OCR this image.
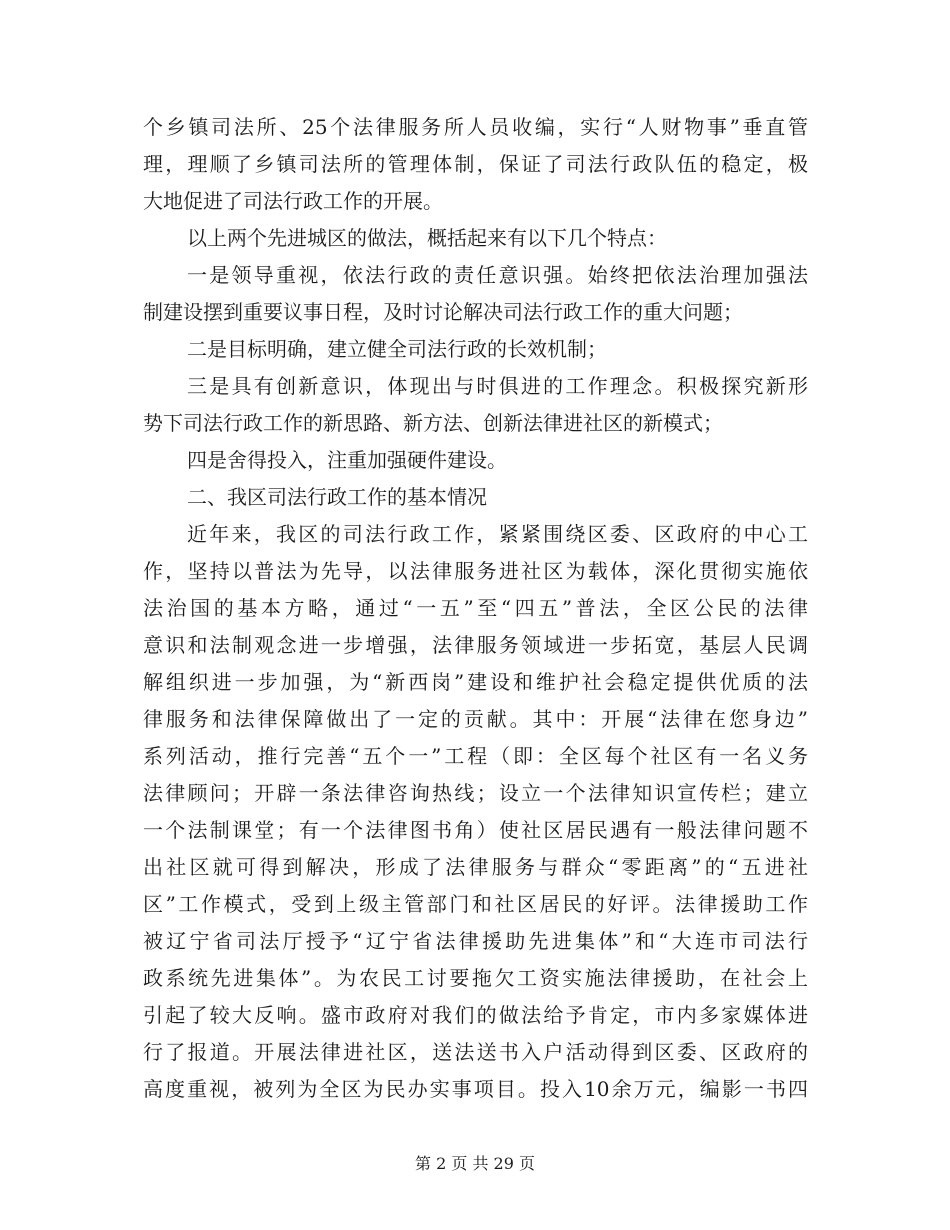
个乡镇司法所、25个法律服务所人员收编，实行“人财物事”垂直管
理，理顺了乡镇司法所的管理体制，保证了司法行政队伍的稳定，极
大地促进了司法行政工作的开展。
以上两个先进城区的做法，概括起来有以下几个特点：
一是领导重视，依法行政的责任意识强。始终把依法治理加强法
制建设摆到重要议事日程，及时讨论解决司法行政工作的重大问题；
二是目标明确，建立健全司法行政的长效机制；
三是具有创新意识，体现出与时俱进的工作理念。积极探究新形
势下司法行政工作的新思路、新方法、创新法律进社区的新模式；
四是舍得投入，注重加强硬件建设。
二、我区司法行政工作的基本情况
近年来，我区的司法行政工作，紧紧围绕区委、区政府的中心工
作，坚持以普法为先导，以法律服务进社区为载体，深化贯彻实施依
法治国的基本方略，通过“一五”至“四五”普法，全区公民的法律
意识和法制观念进一步增强，法律服务领域进一步拓宽，基层人民调
解组织进一步加强，为“新西岗”建设和维护社会稳定提供优质的法
律服务和法律保障做出了一定的贡献。其中：开展“法律在您身边”
系列活动，推行完善“五个一”工程（即：全区每个社区有一名义务
法律顾问；开辟一条法律咨询热线；设立一个法律知识宣传栏；建立
一个法制课堂；有一个法律图书角）使社区居民遇有一般法律问题不
出社区就可得到解决，形成了法律服务与群众“零距离”的“五进社
区”工作模式，受到上级主管部门和社区居民的好评。法律援助工作
被辽宁省司法厅授予“辽宁省法律援助先进集体”和“大连市司法行
政系统先进集体”。为农民工讨要拖欠工资实施法律援助，在社会上
引起了较大反响。盛市政府对我们的做法给予肯定，市内多家媒体进
行了报道。开展法律进社区，送法送书入户活动得到区委、区政府的
高度重视，被列为全区为民办实事项目。投入10余万元，编影一书四
第 2 页 共 29 页
